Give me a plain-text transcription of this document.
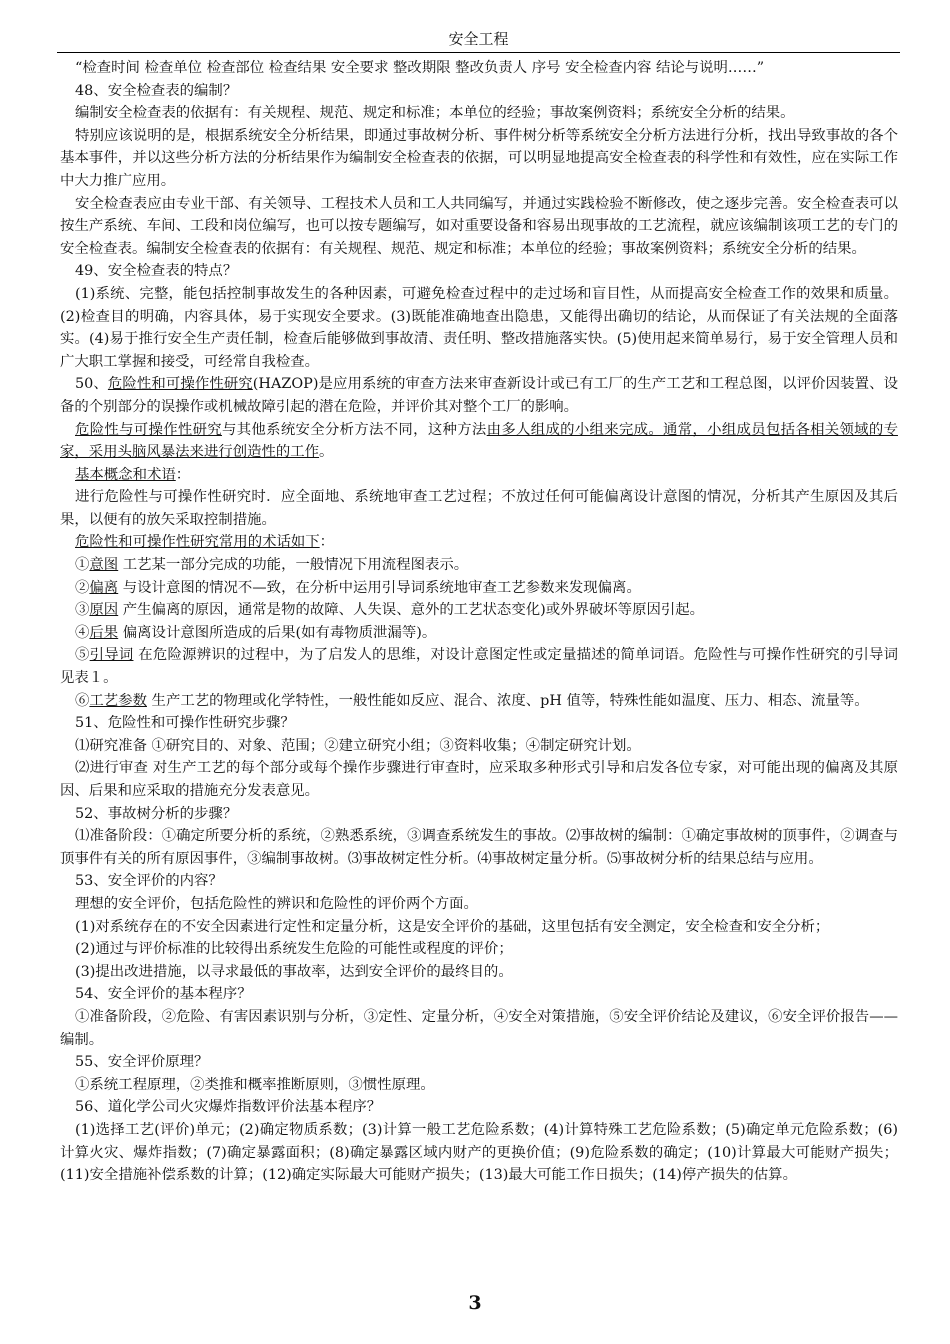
安全工程

“检查时间 检查单位 检查部位 检查结果 安全要求 整改期限 整改负责人 序号 安全检查内容 结论与说明……”

48、安全检查表的编制？

编制安全检查表的依据有：有关规程、规范、规定和标准；本单位的经验；事故案例资料；系统安全分析的结果。

特别应该说明的是，根据系统安全分析结果，即通过事故树分析、事件树分析等系统安全分析方法进行分析，找出导致事故的各个基本事件，并以这些分析方法的分析结果作为编制安全检查表的依据，可以明显地提高安全检查表的科学性和有效性，应在实际工作中大力推广应用。

安全检查表应由专业干部、有关领导、工程技术人员和工人共同编写，并通过实践检验不断修改，使之逐步完善。安全检查表可以按生产系统、车间、工段和岗位编写，也可以按专题编写，如对重要设备和容易出现事故的工艺流程，就应该编制该项工艺的专门的安全检查表。编制安全检查表的依据有：有关规程、规范、规定和标准；本单位的经验；事故案例资料；系统安全分析的结果。

49、安全检查表的特点？

(1)系统、完整，能包括控制事故发生的各种因素，可避免检查过程中的走过场和盲目性，从而提高安全检查工作的效果和质量。(2)检查目的明确，内容具体，易于实现安全要求。(3)既能准确地查出隐患，又能得出确切的结论，从而保证了有关法规的全面落实。(4)易于推行安全生产责任制，检查后能够做到事故清、责任明、整改措施落实快。(5)使用起来简单易行，易于安全管理人员和广大职工掌握和接受，可经常自我检查。

50、危险性和可操作性研究(HAZOP)是应用系统的审查方法来审查新设计或已有工厂的生产工艺和工程总图，以评价因装置、设备的个别部分的误操作或机械故障引起的潜在危险，并评价其对整个工厂的影响。

危险性与可操作性研究与其他系统安全分析方法不同，这种方法由多人组成的小组来完成。通常，小组成员包括各相关领域的专家，采用头脑风暴法来进行创造性的工作。

基本概念和术语：

进行危险性与可操作性研究时．应全面地、系统地审查工艺过程；不放过任何可能偏离设计意图的情况，分析其产生原因及其后果，以便有的放矢采取控制措施。

危险性和可操作性研究常用的术话如下：

①意图 工艺某一部分完成的功能，一般情况下用流程图表示。

②偏离 与设计意图的情况不—致，在分析中运用引导词系统地审查工艺参数来发现偏离。

③原因 产生偏离的原因，通常是物的故障、人失误、意外的工艺状态变化)或外界破坏等原因引起。

④后果 偏离设计意图所造成的后果(如有毒物质泄漏等)。

⑤引导词 在危险源辨识的过程中，为了启发人的思维，对设计意图定性或定量描述的简单词语。危险性与可操作性研究的引导词见表１。

⑥工艺参数 生产工艺的物理或化学特性，一般性能如反应、混合、浓度、pH 值等，特殊性能如温度、压力、相态、流量等。

51、危险性和可操作性研究步骤？

⑴研究准备 ①研究目的、对象、范围；②建立研究小组；③资料收集；④制定研究计划。

⑵进行审查 对生产工艺的每个部分或每个操作步骤进行审查时，应采取多种形式引导和启发各位专家，对可能出现的偏离及其原因、后果和应采取的措施充分发表意见。

52、事故树分析的步骤？

⑴准备阶段：①确定所要分析的系统，②熟悉系统，③调查系统发生的事故。⑵事故树的编制：①确定事故树的顶事件，②调查与顶事件有关的所有原因事件，③编制事故树。⑶事故树定性分析。⑷事故树定量分析。⑸事故树分析的结果总结与应用。

53、安全评价的内容？

理想的安全评价，包括危险性的辨识和危险性的评价两个方面。

(1)对系统存在的不安全因素进行定性和定量分析，这是安全评价的基础，这里包括有安全测定，安全检查和安全分析；

(2)通过与评价标准的比较得出系统发生危险的可能性或程度的评价；

(3)提出改进措施，以寻求最低的事故率，达到安全评价的最终目的。

54、安全评价的基本程序？

①准备阶段，②危险、有害因素识别与分析，③定性、定量分析，④安全对策措施，⑤安全评价结论及建议，⑥安全评价报告——编制。

55、安全评价原理？

①系统工程原理，②类推和概率推断原则，③惯性原理。

56、道化学公司火灾爆炸指数评价法基本程序？

(1)选择工艺(评价)单元；(2)确定物质系数；(3)计算一般工艺危险系数；(4)计算特殊工艺危险系数；(5)确定单元危险系数；(6)计算火灾、爆炸指数；(7)确定暴露面积；(8)确定暴露区域内财产的更换价值；(9)危险系数的确定；(10)计算最大可能财产损失；(11)安全措施补偿系数的计算；(12)确定实际最大可能财产损失；(13)最大可能工作日损失；(14)停产损失的估算。

3
